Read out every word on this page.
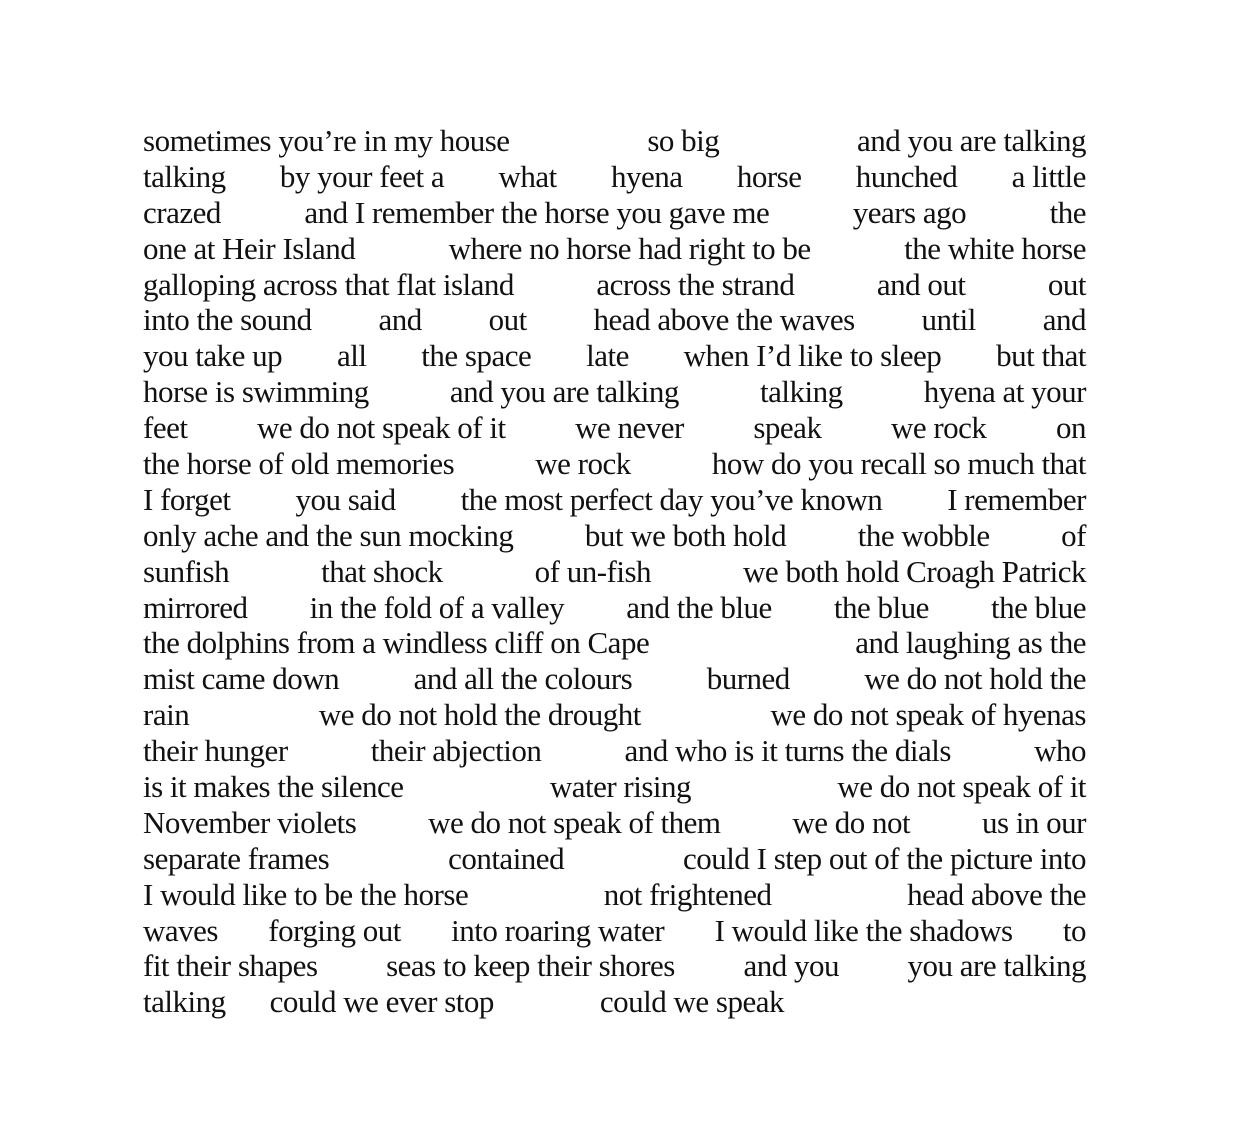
sometimes you’re in my house	so big	and you are talking
talking by your feet a what hyena horse hunched a little
crazed	and I remember the horse you gave me	years ago	the
one at Heir Island	where no horse had right to be	the white horse
galloping across that flat island	across the strand	and out	out
into the sound and out head above the waves until and
you take up all the space late when I’d like to sleep but that
horse is swimming	and you are talking	talking	hyena at your
feet we do not speak of it we never speak we rock on
the horse of old memories	we rock	how do you recall so much that
I forget you said the most perfect day you’ve known I remember
only ache and the sun mocking but we both hold the wobble of
sunfish	that shock	of un-fish	we both hold Croagh Patrick
mirrored in the fold of a valley and the blue the blue the blue
the dolphins from a windless cliff on Cape	and laughing as the
mist came down and all the colours burned we do not hold the
rain	we do not hold the drought	we do not speak of hyenas
their hunger	their abjection	and who is it turns the dials	who
is it makes the silence	water rising	we do not speak of it
November violets we do not speak of them we do not us in our
separate frames	contained	could I step out of the picture into
I would like to be the horse	not frightened	head above the
waves forging out into roaring water I would like the shadows to
fit their shapes seas to keep their shores and you you are talking
talking could we ever stop	could we speak
